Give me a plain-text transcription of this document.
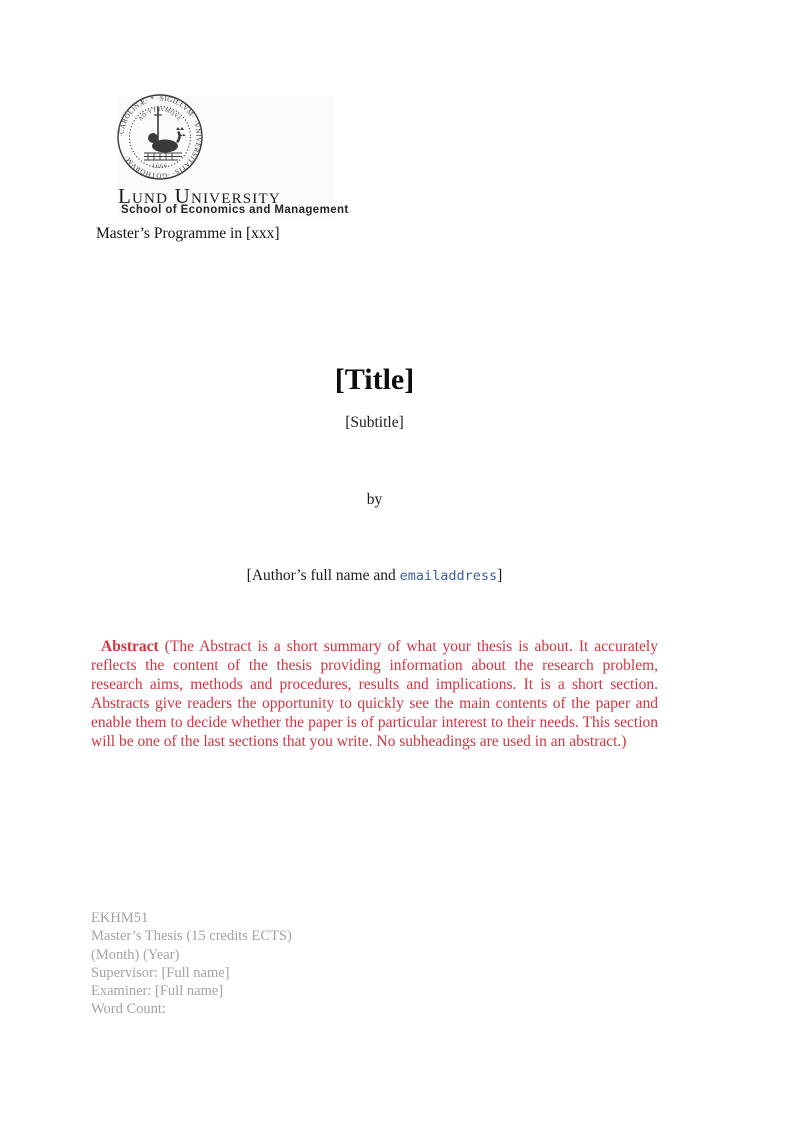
·CAROLINÆ· * ·SIGILLVM· ·VNIVERSITATIS· ·GOTHORVM·
AD·VTRVMQVE
1666
Lund University
School of Economics and Management
Master’s Programme in [xxx]
[Title]
[Subtitle]
by
[Author’s full name and emailaddress]

Abstract (The Abstract is a short summary of what your thesis is about. It accurately reflects the content of the thesis providing information about the research problem, research aims, methods and procedures, results and implications. It is a short section. Abstracts give readers the opportunity to quickly see the main contents of the paper and enable them to decide whether the paper is of particular interest to their needs. This section will be one of the last sections that you write. No subheadings are used in an abstract.)

EKHM51
Master’s Thesis (15 credits ECTS)
(Month) (Year)
Supervisor: [Full name]
Examiner: [Full name]
Word Count:
